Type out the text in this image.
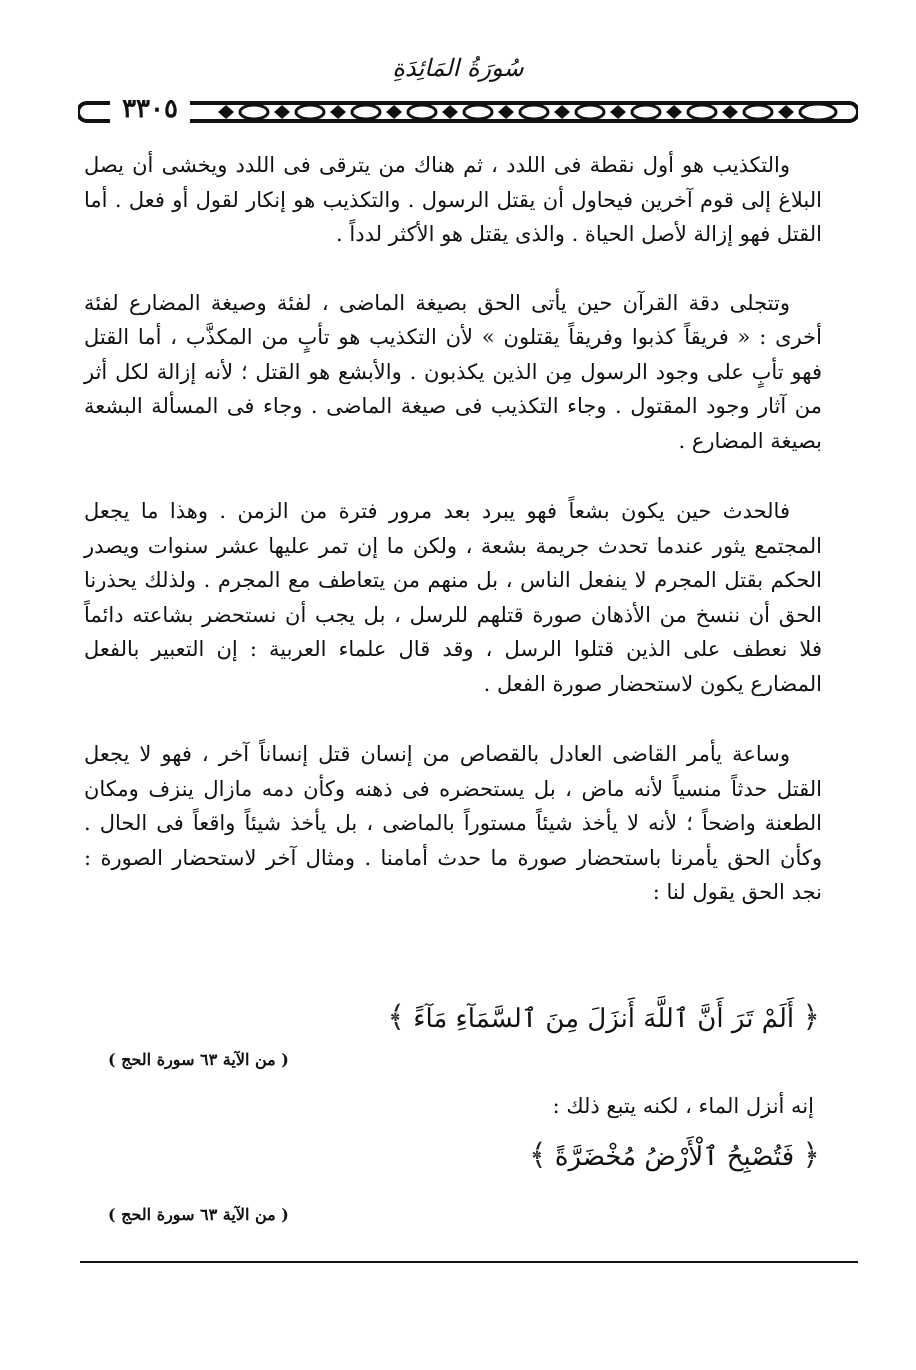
سُورَةُ المَائِدَةِ
٣٣٠٥

والتكذيب هو أول نقطة فى اللدد ، ثم هناك من يترقى فى اللدد ويخشى أن يصل البلاغ إلى قوم آخرين فيحاول أن يقتل الرسول . والتكذيب هو إنكار لقول أو فعل . أما القتل فهو إزالة لأصل الحياة . والذى يقتل هو الأكثر لدداً .

وتتجلى دقة القرآن حين يأتى الحق بصيغة الماضى ، لفئة وصيغة المضارع لفئة أخرى : « فريقاً كذبوا وفريقاً يقتلون » لأن التكذيب هو تأبٍ من المكذَّب ، أما القتل فهو تأبٍ على وجود الرسول مِن الذين يكذبون . والأبشع هو القتل ؛ لأنه إزالة لكل أثر من آثار وجود المقتول . وجاء التكذيب فى صيغة الماضى . وجاء فى المسألة البشعة بصيغة المضارع .

فالحدث حين يكون بشعاً فهو يبرد بعد مرور فترة من الزمن . وهذا ما يجعل المجتمع يثور عندما تحدث جريمة بشعة ، ولكن ما إن تمر عليها عشر سنوات ويصدر الحكم بقتل المجرم لا ينفعل الناس ، بل منهم من يتعاطف مع المجرم . ولذلك يحذرنا الحق أن ننسخ من الأذهان صورة قتلهم للرسل ، بل يجب أن نستحضر بشاعته دائماً فلا نعطف على الذين قتلوا الرسل ، وقد قال علماء العربية : إن التعبير بالفعل المضارع يكون لاستحضار صورة الفعل .

وساعة يأمر القاضى العادل بالقصاص من إنسان قتل إنساناً آخر ، فهو لا يجعل القتل حدثاً منسياً لأنه ماض ، بل يستحضره فى ذهنه وكأن دمه مازال ينزف ومكان الطعنة واضحاً ؛ لأنه لا يأخذ شيئاً مستوراً بالماضى ، بل يأخذ شيئاً واقعاً فى الحال . وكأن الحق يأمرنا باستحضار صورة ما حدث أمامنا . ومثال آخر لاستحضار الصورة : نجد الحق يقول لنا :

﴿ أَلَمْ تَرَ أَنَّ ٱللَّهَ أَنزَلَ مِنَ ٱلسَّمَآءِ مَآءً ﴾
( من الآية ٦٣ سورة الحج )
إنه أنزل الماء ، لكنه يتبع ذلك :
﴿ فَتُصْبِحُ ٱلْأَرْضُ مُخْضَرَّةً ﴾
( من الآية ٦٣ سورة الحج )
